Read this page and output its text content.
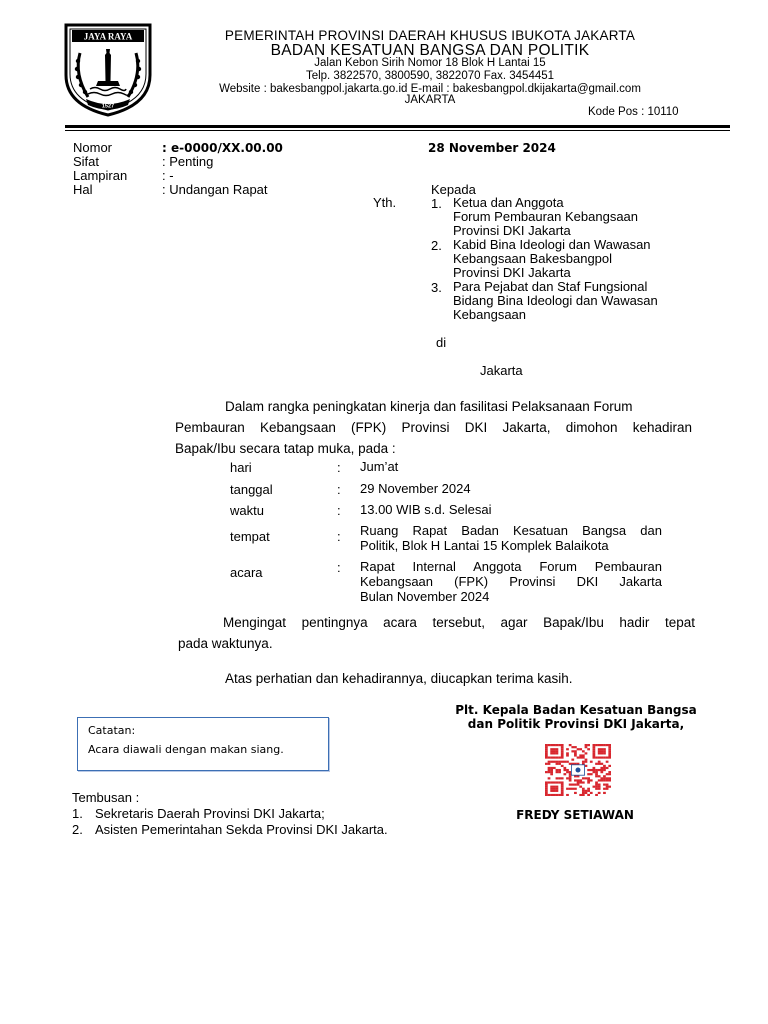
JAYA RAYA
1527
PEMERINTAH PROVINSI DAERAH KHUSUS IBUKOTA JAKARTA
BADAN KESATUAN BANGSA DAN POLITIK
Jalan Kebon Sirih Nomor 18 Blok H Lantai 15
Telp. 3822570, 3800590, 3822070 Fax. 3454451
Website : bakesbangpol.jakarta.go.id E-mail : bakesbangpol.dkijakarta@gmail.com
JAKARTA
Kode Pos : 10110
Nomor	: e-0000/XX.00.00	28 November 2024
Sifat	: Penting
Lampiran	: -
Hal	: Undangan Rapat	Kepada
Yth.	1. Ketua dan Anggota
Forum Pembauran Kebangsaan
Provinsi DKI Jakarta
2. Kabid Bina Ideologi dan Wawasan
Kebangsaan Bakesbangpol
Provinsi DKI Jakarta
3. Para Pejabat dan Staf Fungsional
Bidang Bina Ideologi dan Wawasan
Kebangsaan
di
Jakarta
Dalam rangka peningkatan kinerja dan fasilitasi Pelaksanaan Forum
Pembauran Kebangsaan (FPK) Provinsi DKI Jakarta, dimohon kehadiran
Bapak/Ibu secara tatap muka, pada :
hari	: Jum’at
tanggal	: 29 November 2024
waktu	: 13.00 WIB s.d. Selesai
tempat	: Ruang Rapat Badan Kesatuan Bangsa dan
Politik, Blok H Lantai 15 Komplek Balaikota
acara	: Rapat Internal Anggota Forum Pembauran
Kebangsaan (FPK) Provinsi DKI Jakarta
Bulan November 2024
Mengingat pentingnya acara tersebut, agar Bapak/Ibu hadir tepat
pada waktunya.
Atas perhatian dan kehadirannya, diucapkan terima kasih.
Catatan:
Acara diawali dengan makan siang.
Plt. Kepala Badan Kesatuan Bangsa
dan Politik Provinsi DKI Jakarta,
FREDY SETIAWAN
Tembusan :
1. Sekretaris Daerah Provinsi DKI Jakarta;
2. Asisten Pemerintahan Sekda Provinsi DKI Jakarta.
